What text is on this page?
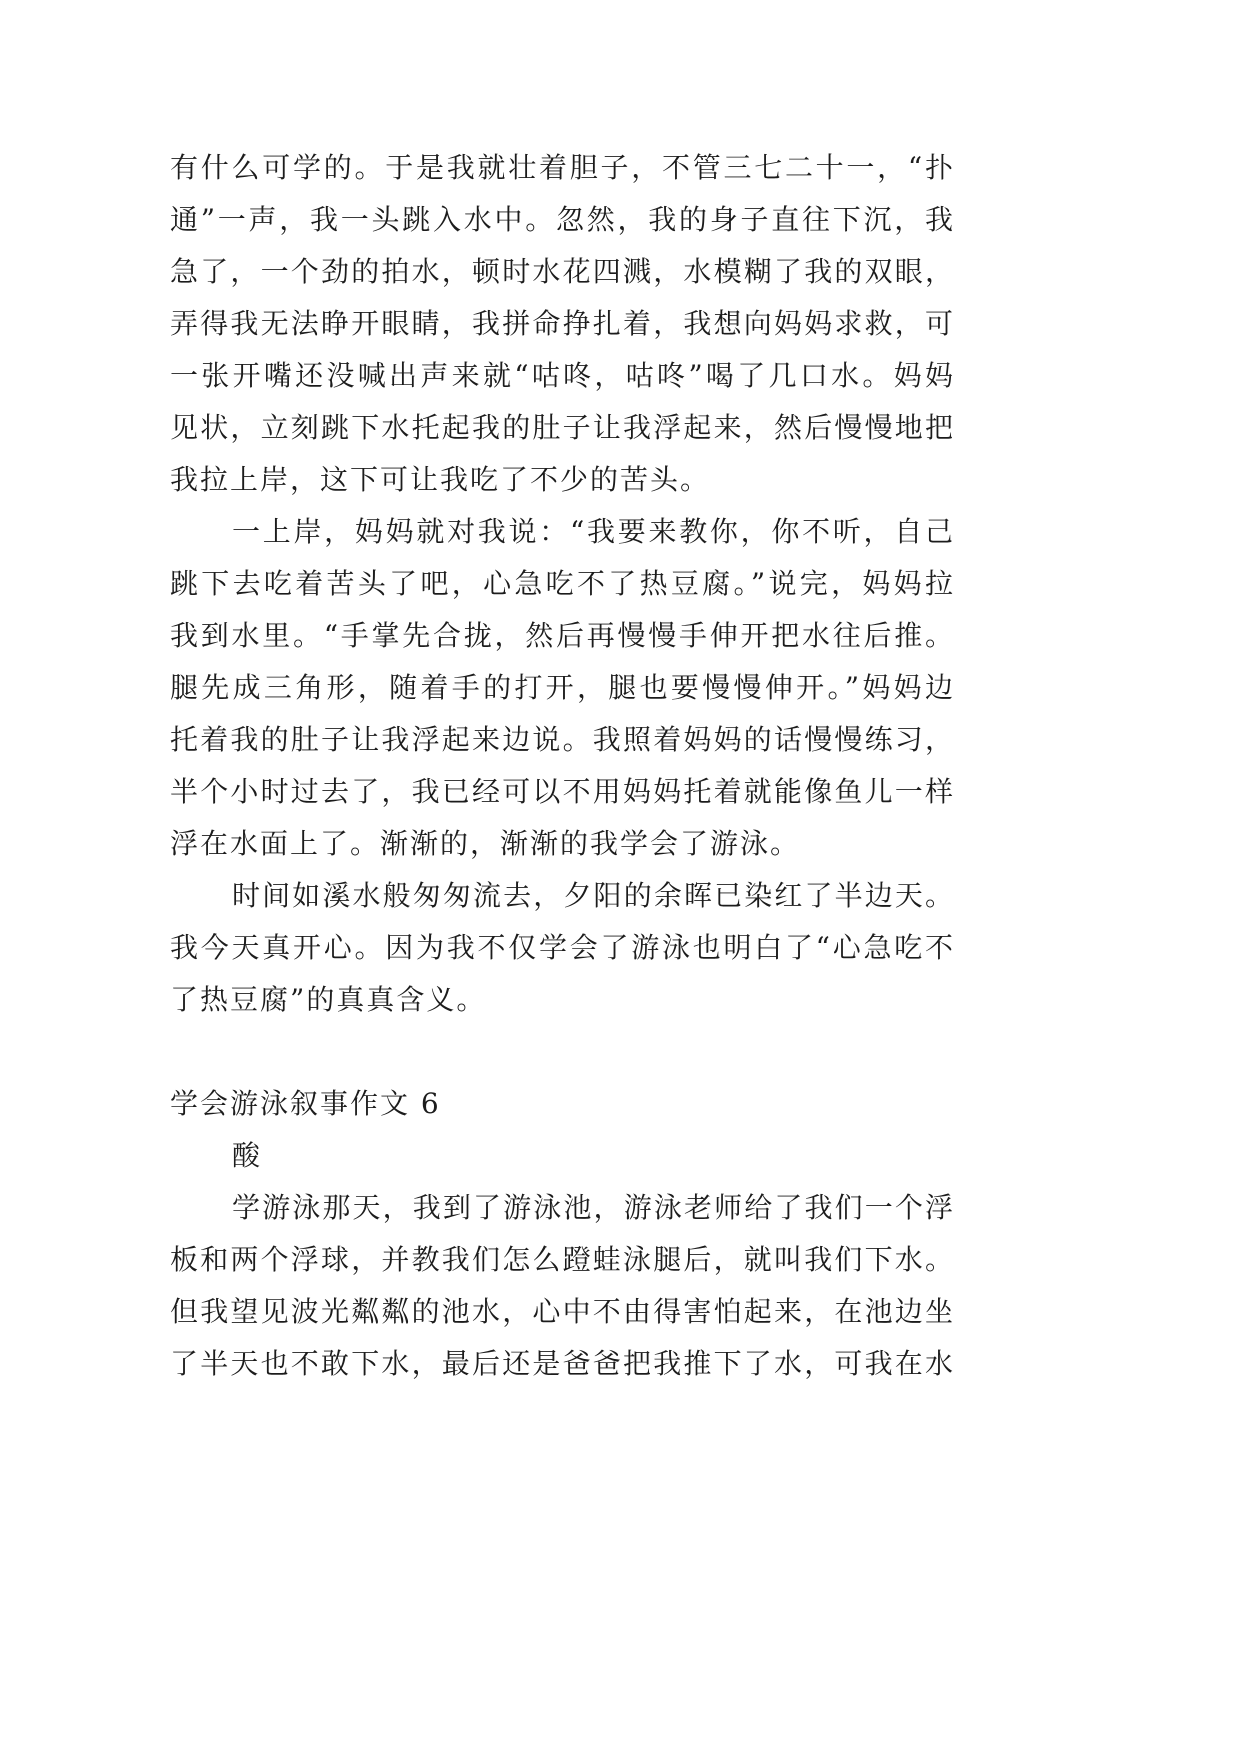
有什么可学的。于是我就壮着胆子，不管三七二十一，“扑
通”一声，我一头跳入水中。忽然，我的身子直往下沉，我
急了，一个劲的拍水，顿时水花四溅，水模糊了我的双眼，
弄得我无法睁开眼睛，我拼命挣扎着，我想向妈妈求救，可
一张开嘴还没喊出声来就“咕咚，咕咚”喝了几口水。妈妈
见状，立刻跳下水托起我的肚子让我浮起来，然后慢慢地把
我拉上岸，这下可让我吃了不少的苦头。
一上岸，妈妈就对我说：“我要来教你，你不听，自己
跳下去吃着苦头了吧，心急吃不了热豆腐。”说完，妈妈拉
我到水里。“手掌先合拢，然后再慢慢手伸开把水往后推。
腿先成三角形，随着手的打开，腿也要慢慢伸开。”妈妈边
托着我的肚子让我浮起来边说。我照着妈妈的话慢慢练习，
半个小时过去了，我已经可以不用妈妈托着就能像鱼儿一样
浮在水面上了。渐渐的，渐渐的我学会了游泳。
时间如溪水般匆匆流去，夕阳的余晖已染红了半边天。
我今天真开心。因为我不仅学会了游泳也明白了“心急吃不
了热豆腐”的真真含义。
学会游泳叙事作文 6
酸
学游泳那天，我到了游泳池，游泳老师给了我们一个浮
板和两个浮球，并教我们怎么蹬蛙泳腿后，就叫我们下水。
但我望见波光粼粼的池水，心中不由得害怕起来，在池边坐
了半天也不敢下水，最后还是爸爸把我推下了水，可我在水
